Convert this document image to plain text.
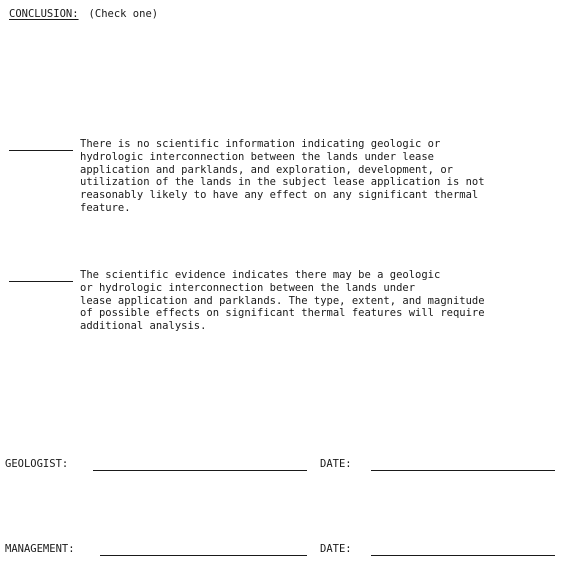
CONCLUSION: (Check one)
There is no scientific information indicating geologic or
hydrologic interconnection between the lands under lease
application and parklands, and exploration, development, or
utilization of the lands in the subject lease application is not
reasonably likely to have any effect on any significant thermal
feature.
The scientific evidence indicates there may be a geologic
or hydrologic interconnection between the lands under
lease application and parklands. The type, extent, and magnitude
of possible effects on significant thermal features will require
additional analysis.
GEOLOGIST:	DATE:
MANAGEMENT:	DATE:
